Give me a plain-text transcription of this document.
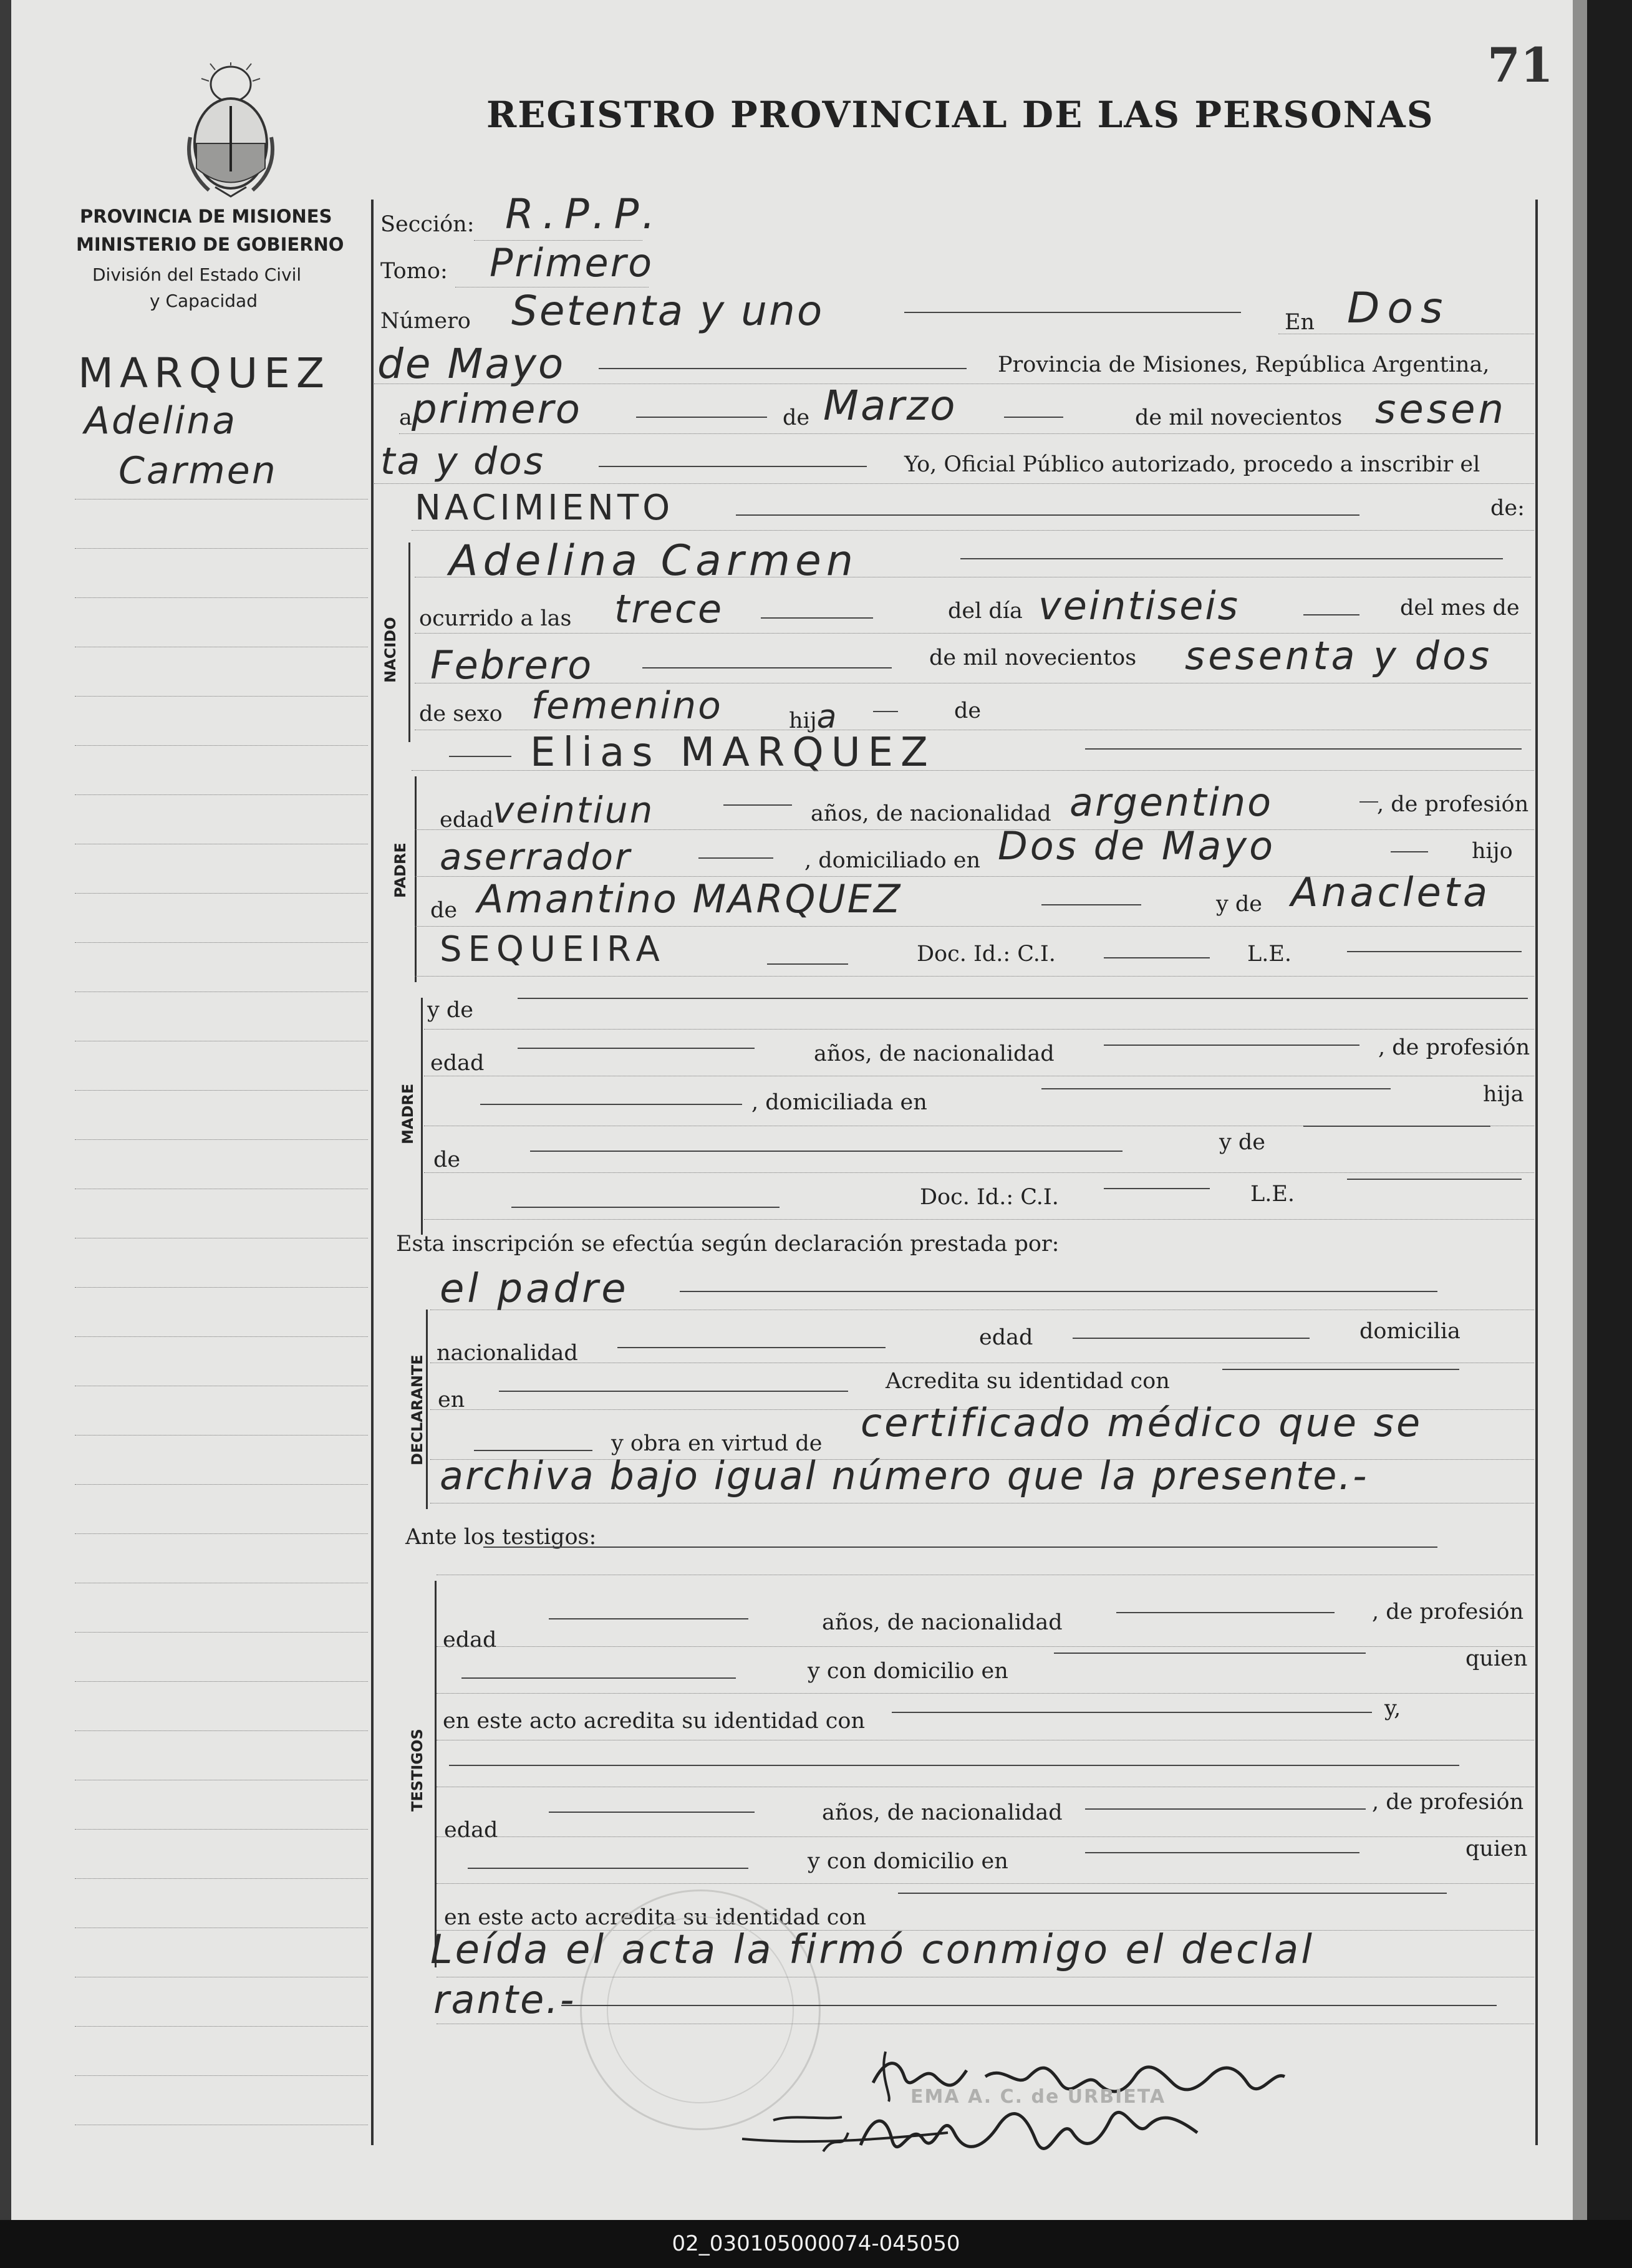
71
REGISTRO PROVINCIAL DE LAS PERSONAS
PROVINCIA DE MISIONES
MINISTERIO DE GOBIERNO
División del Estado Civil
y Capacidad
MARQUEZ
Adelina
Carmen
Sección: R.P.P.
Tomo: Primero
Número Setenta y uno	En Dos
de Mayo	Provincia de Misiones, República Argentina,
a primero	de Marzo	de mil novecientos sesen
ta y dos	Yo, Oficial Público autorizado, procedo a inscribir el
NACIMIENTO	de:
NACIDO
Adelina Carmen
ocurrido a las trece	del día veintiseis	del mes de
Febrero	de mil novecientos sesenta y dos
de sexo femenino	hija	de
Elias MARQUEZ
PADRE
edad
veintiun	años, de nacionalidad argentino	, de profesión
aserrador	, domiciliado en Dos de Mayo	hijo
de Amantino MARQUEZ	y de Anacleta
SEQUEIRA	Doc. Id.: C.I.	L.E.
MADRE
y de
edad	años, de nacionalidad	, de profesión
, domiciliada en	hija
de
y de
Doc. Id.: C.I.	L.E.
Esta inscripción se efectúa según declaración prestada por:
el padre
DECLARANTE
nacionalidad
edad	domicilia
en
Acredita su identidad con
y obra en virtud de certificado médico que se
archiva bajo igual número que la presente.-
Ante los testigos:
TESTIGOS
edad
años, de nacionalidad	, de profesión
y con domicilio en	quien
en este acto acredita su identidad con	y,
edad
años, de nacionalidad	, de profesión
y con domicilio en	quien
en este acto acredita su identidad con
Leída el acta la firmó conmigo el declal
rante.-
EMA A. C. de URBIETA
02_030105000074-045050
